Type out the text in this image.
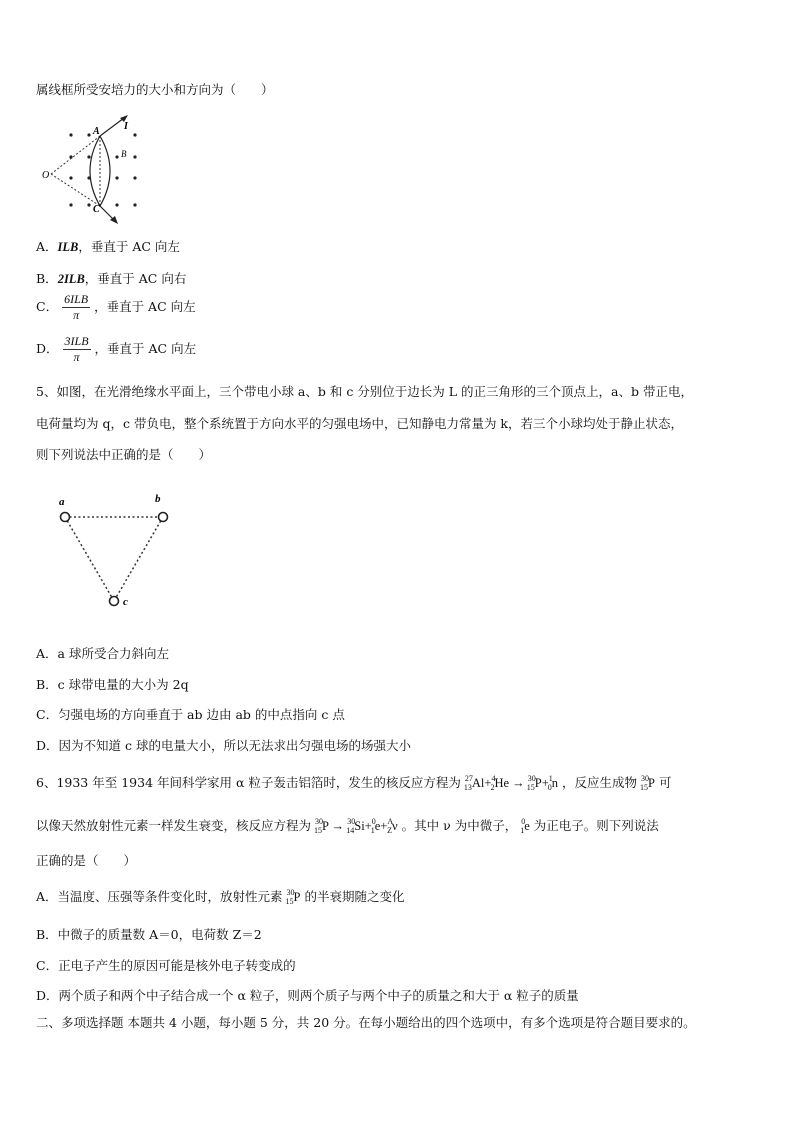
属线框所受安培力的大小和方向为（　　）
O
A I
B
C
A．ILB，垂直于 AC 向左
B．2ILB，垂直于 AC 向右
C． $\frac{\text{6ILB}}{\pi}$ ，垂直于 AC 向左
D． $\frac{\text{3ILB}}{\pi}$ ，垂直于 AC 向左
5、如图，在光滑绝缘水平面上，三个带电小球 a、b 和 c 分别位于边长为 L 的正三角形的三个顶点上，a、b 带正电，
电荷量均为 q，c 带负电，整个系统置于方向水平的匀强电场中，已知静电力常量为 k，若三个小球均处于静止状态，
则下列说法中正确的是（　　）
a	b
c
A．a 球所受合力斜向左
B．c 球带电量的大小为 2q
C．匀强电场的方向垂直于 ab 边由 ab 的中点指向 c 点
D．因为不知道 c 球的电量大小，所以无法求出匀强电场的场强大小
6、1933 年至 1934 年间科学家用 α 粒子轰击铝箔时，发生的核反应方程为 $^{27}_{13}$Al+$^4_2$He → $^{30}_{15}$P+$^1_0$n ，反应生成物 $^{30}_{15}$P 可
以像天然放射性元素一样发生衰变，核反应方程为 $^{30}_{15}$P → $^{30}_{14}$Si+$^0_1$e+$^A_Z$ν 。其中 ν 为中微子， $^0_1$e 为正电子。则下列说法
正确的是（　　）
A．当温度、压强等条件变化时，放射性元素 $^{30}_{15}$P 的半衰期随之变化
B．中微子的质量数 A＝0，电荷数 Z＝2
C．正电子产生的原因可能是核外电子转变成的
D．两个质子和两个中子结合成一个 α 粒子，则两个质子与两个中子的质量之和大于 α 粒子的质量
二、多项选择题 本题共 4 小题，每小题 5 分，共 20 分。在每小题给出的四个选项中，有多个选项是符合题目要求的。
